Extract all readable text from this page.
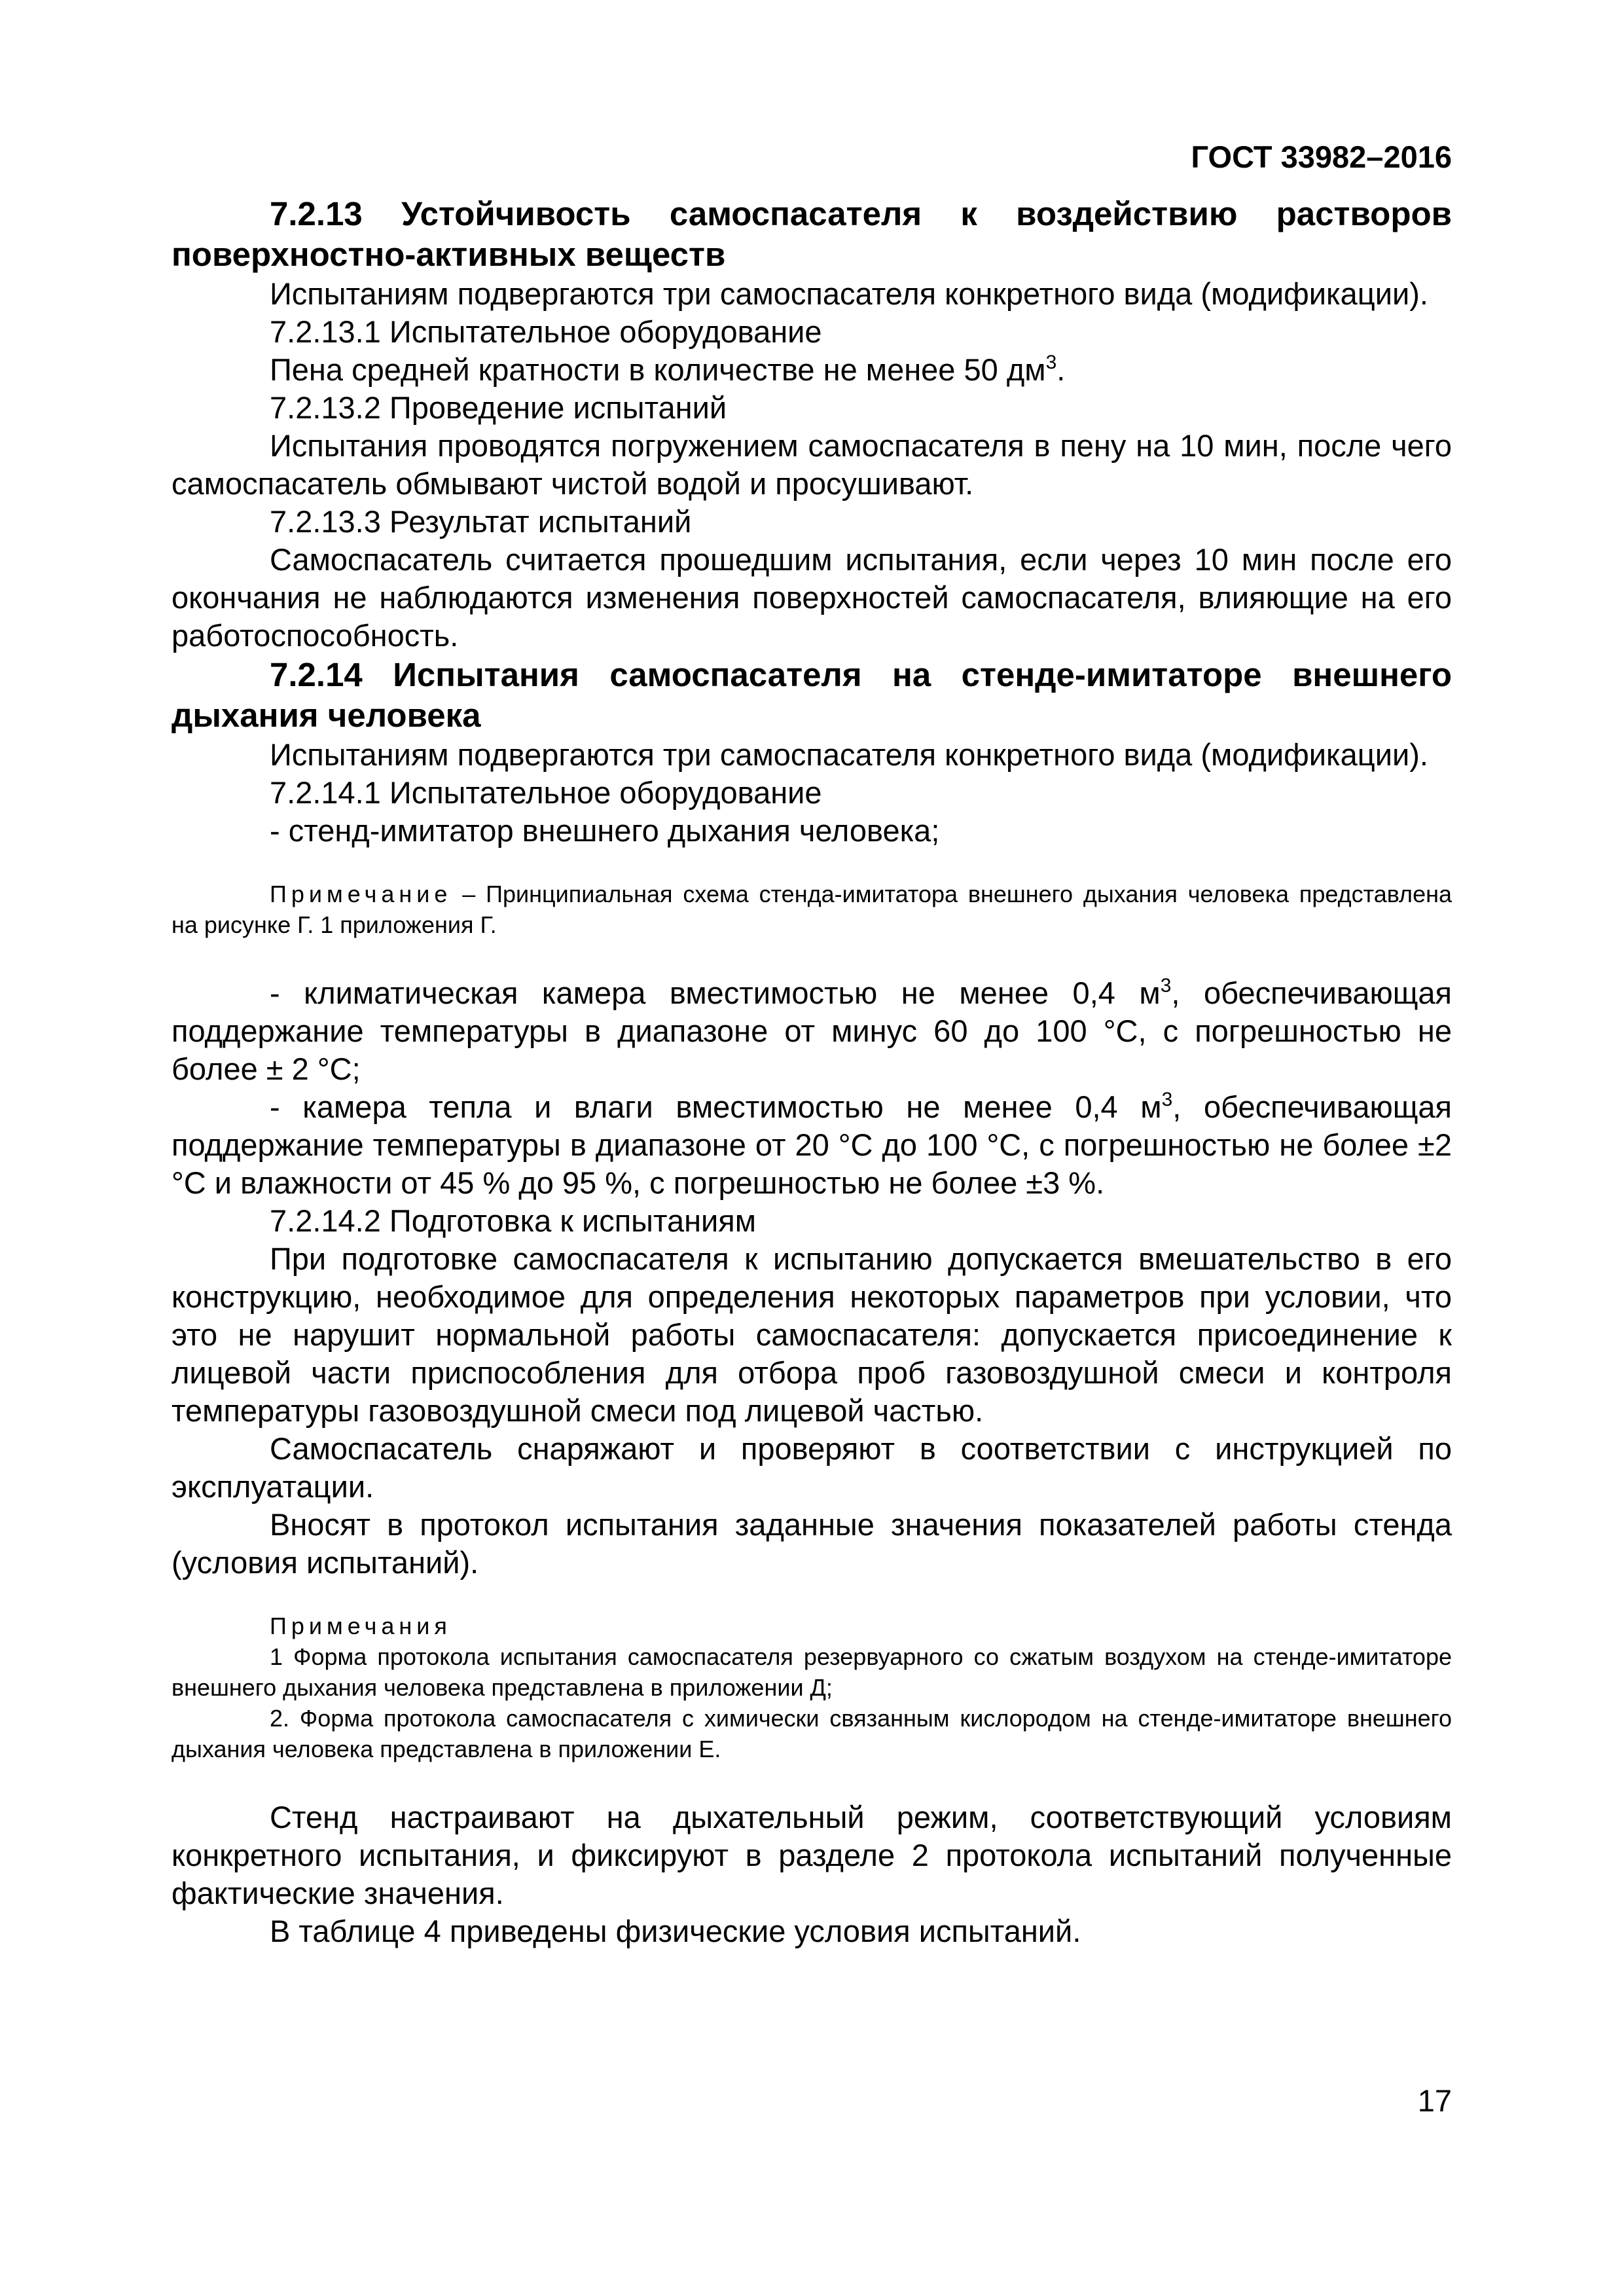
ГОСТ 33982–2016

7.2.13 Устойчивость самоспасателя к воздействию растворов поверхностно-активных веществ

Испытаниям подвергаются три самоспасателя конкретного вида (модификации).

7.2.13.1 Испытательное оборудование

Пена средней кратности в количестве не менее 50 $дм^3$.

7.2.13.2 Проведение испытаний

Испытания проводятся погружением самоспасателя в пену на 10 мин, после чего самоспасатель обмывают чистой водой и просушивают.

7.2.13.3 Результат испытаний

Самоспасатель считается прошедшим испытания, если через 10 мин после его окончания не наблюдаются изменения поверхностей самоспасателя, влияющие на его работоспособность.

7.2.14 Испытания самоспасателя на стенде-имитаторе внешнего дыхания человека

Испытаниям подвергаются три самоспасателя конкретного вида (модификации).

7.2.14.1 Испытательное оборудование

- стенд-имитатор внешнего дыхания человека;

Примечание – Принципиальная схема стенда-имитатора внешнего дыхания человека представлена на рисунке Г. 1 приложения Г.

- климатическая камера вместимостью не менее 0,4 $м^3$, обеспечивающая поддержание температуры в диапазоне от минус 60 до 100 °С, с погрешностью не более ± 2 °С;

- камера тепла и влаги вместимостью не менее 0,4 $м^3$, обеспечивающая поддержание температуры в диапазоне от 20 °С до 100 °С, с погрешностью не более ±2 °С и влажности от 45 % до 95 %, с погрешностью не более ±3 %.

7.2.14.2 Подготовка к испытаниям

При подготовке самоспасателя к испытанию допускается вмешательство в его конструкцию, необходимое для определения некоторых параметров при условии, что это не нарушит нормальной работы самоспасателя: допускается присоединение к лицевой части приспособления для отбора проб газовоздушной смеси и контроля температуры газовоздушной смеси под лицевой частью.

Самоспасатель снаряжают и проверяют в соответствии с инструкцией по эксплуатации.

Вносят в протокол испытания заданные значения показателей работы стенда (условия испытаний).

Примечания

1 Форма протокола испытания самоспасателя резервуарного со сжатым воздухом на стенде-имитаторе внешнего дыхания человека представлена в приложении Д;

2. Форма протокола самоспасателя с химически связанным кислородом на стенде-имитаторе внешнего дыхания человека представлена в приложении Е.

Стенд настраивают на дыхательный режим, соответствующий условиям конкретного испытания, и фиксируют в разделе 2 протокола испытаний полученные фактические значения.

В таблице 4 приведены физические условия испытаний.

17
